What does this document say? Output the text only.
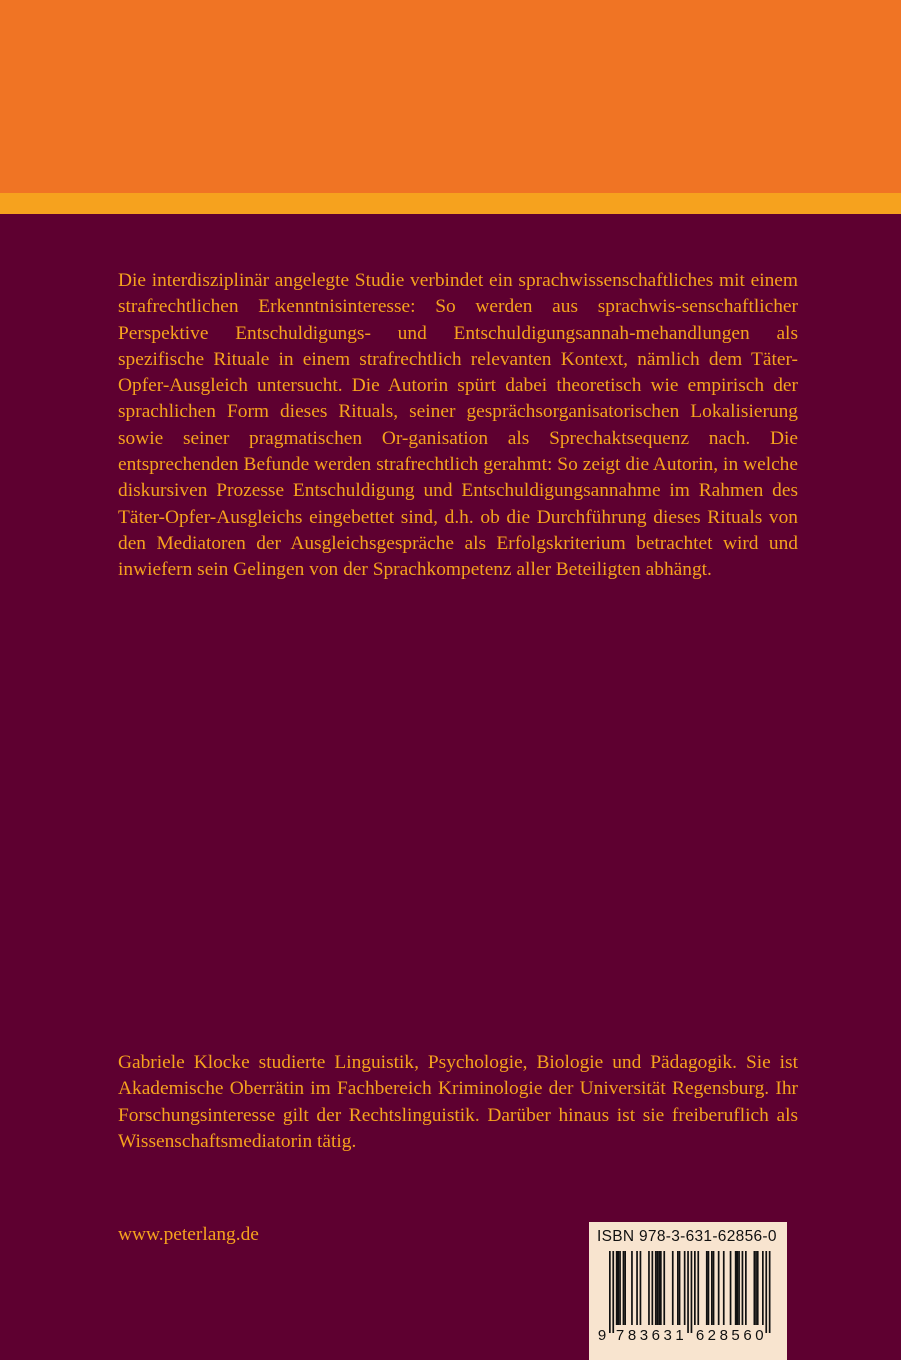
Die interdisziplinär angelegte Studie verbindet ein sprachwissenschaftliches mit einem strafrechtlichen Erkenntnisinteresse: So werden aus sprachwis-senschaftlicher Perspektive Entschuldigungs- und Entschuldigungsannah-mehandlungen als spezifische Rituale in einem strafrechtlich relevanten Kontext, nämlich dem Täter-Opfer-Ausgleich untersucht. Die Autorin spürt dabei theoretisch wie empirisch der sprachlichen Form dieses Rituals, seiner gesprächsorganisatorischen Lokalisierung sowie seiner pragmatischen Or-ganisation als Sprechaktsequenz nach. Die entsprechenden Befunde werden strafrechtlich gerahmt: So zeigt die Autorin, in welche diskursiven Prozesse Entschuldigung und Entschuldigungsannahme im Rahmen des Täter-Opfer-Ausgleichs eingebettet sind, d.h. ob die Durchführung dieses Rituals von den Mediatoren der Ausgleichsgespräche als Erfolgskriterium betrachtet wird und inwiefern sein Gelingen von der Sprachkompetenz aller Beteiligten abhängt.

Gabriele Klocke studierte Linguistik, Psychologie, Biologie und Pädagogik. Sie ist Akademische Oberrätin im Fachbereich Kriminologie der Universität Regensburg. Ihr Forschungsinteresse gilt der Rechtslinguistik. Darüber hinaus ist sie freiberuflich als Wissenschaftsmediatorin tätig.

www.peterlang.de	ISBN 978-3-631-62856-0
9 7 8 3 6 3 1 6 2 8 5 6 0
